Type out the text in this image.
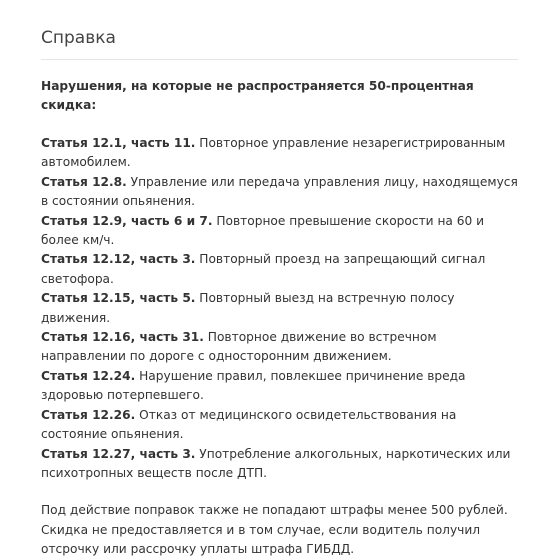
Справка
Нарушения, на которые не распространяется 50-процентная скидка:
Статья 12.1, часть 11. Повторное управление незарегистрированным автомобилем.
Статья 12.8. Управление или передача управления лицу, находящемуся в состоянии опьянения.
Статья 12.9, часть 6 и 7. Повторное превышение скорости на 60 и более км/ч.
Статья 12.12, часть 3. Повторный проезд на запрещающий сигнал светофора.
Статья 12.15, часть 5. Повторный выезд на встречную полосу движения.
Статья 12.16, часть 31. Повторное движение во встречном направлении по дороге с односторонним движением.
Статья 12.24. Нарушение правил, повлекшее причинение вреда здоровью потерпевшего.
Статья 12.26. Отказ от медицинского освидетельствования на состояние опьянения.
Статья 12.27, часть 3. Употребление алкогольных, наркотических или психотропных веществ после ДТП.
Под действие поправок также не попадают штрафы менее 500 рублей. Скидка не предоставляется и в том случае, если водитель получил отсрочку или рассрочку уплаты штрафа ГИБДД.
